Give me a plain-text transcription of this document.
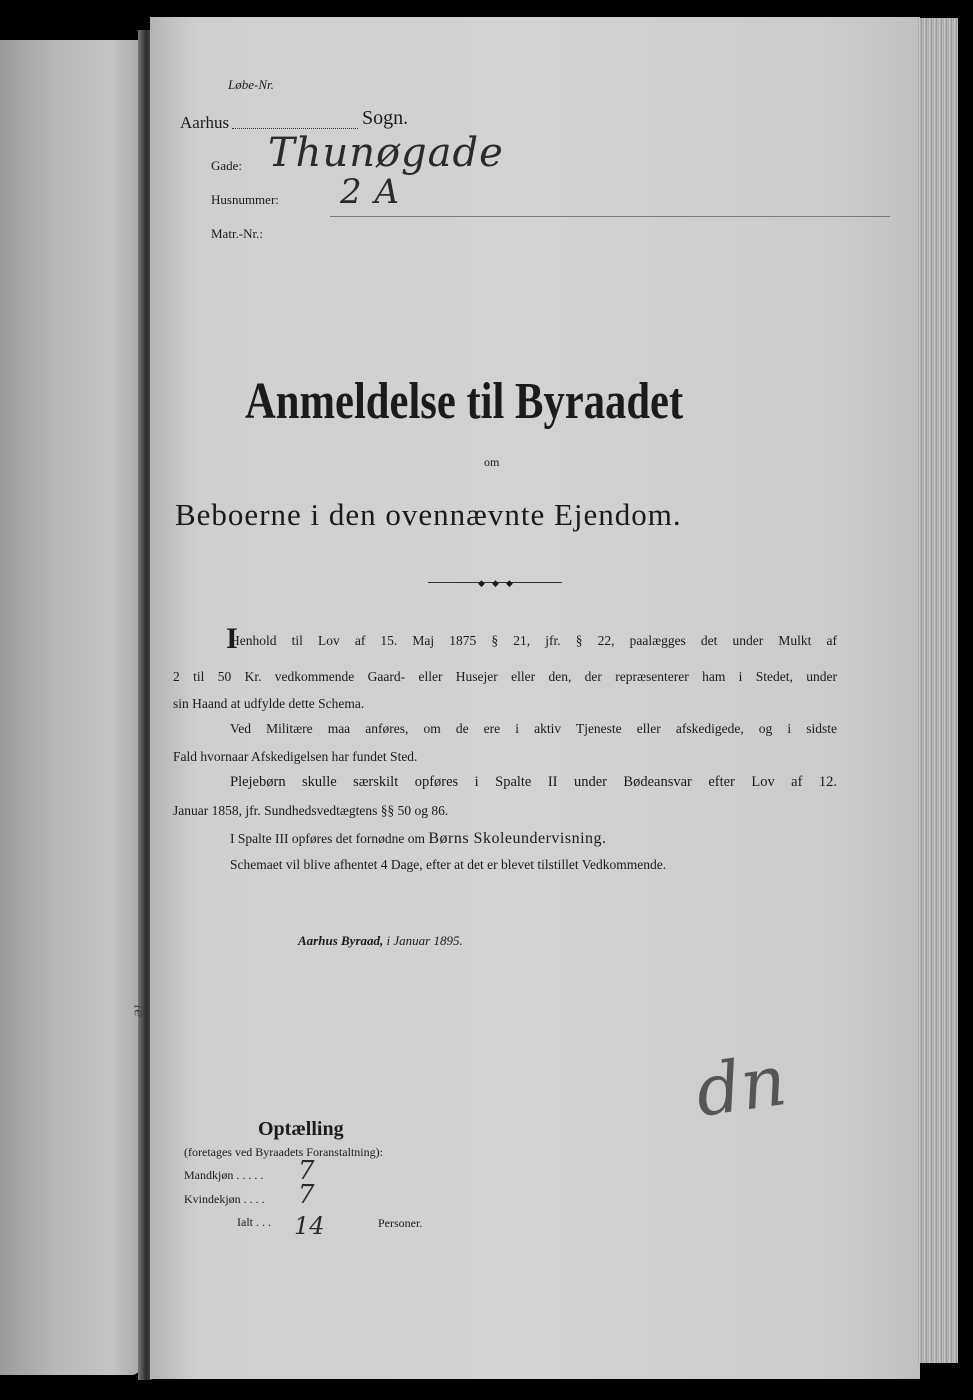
Løbe-Nr.
Aarhus	Sogn.
Gade: Thunøgade
Husnummer: 2 A
Matr.-Nr.:
Anmeldelse til Byraadet
om
Beboerne i den ovennævnte Ejendom.
◆ ◆ ◆
Henhold til Lov af 15. Maj 1875 § 21, jfr. § 22, paalægges det under Mulkt af
I
2 til 50 Kr. vedkommende Gaard- eller Husejer eller den, der repræsenterer ham i Stedet, under
sin Haand at udfylde dette Schema.
Ved Militære maa anføres, om de ere i aktiv Tjeneste eller afskedigede, og i sidste
Fald hvornaar Afskedigelsen har fundet Sted.
Plejebørn skulle særskilt opføres i Spalte II under Bødeansvar efter Lov af 12.
Januar 1858, jfr. Sundhedsvedtægtens §§ 50 og 86.
I Spalte III opføres det fornødne om Børns Skoleundervisning.
Schemaet vil blive afhentet 4 Dage, efter at det er blevet tilstillet Vedkommende.
Aarhus Byraad, i Januar 1895.
dn
le
Optælling
(foretages ved Byraadets Foranstaltning):
Mandkjøn . . . . . 7
Kvindekjøn . . . . 7
Ialt . . . 14	Personer.
